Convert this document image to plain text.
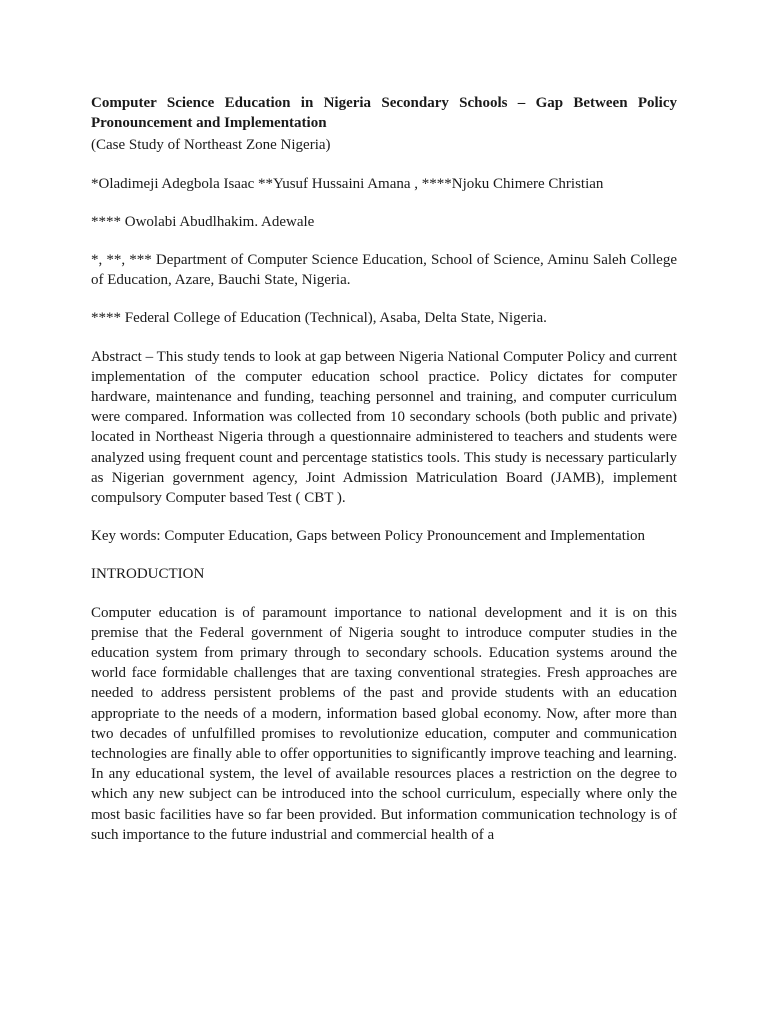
Computer Science Education in Nigeria Secondary Schools – Gap Between Policy Pronouncement and Implementation

(Case Study of Northeast Zone Nigeria)

*Oladimeji Adegbola Isaac **Yusuf Hussaini Amana , ****Njoku Chimere Christian

**** Owolabi Abudlhakim. Adewale

*, **, *** Department of Computer Science Education, School of Science, Aminu Saleh College of Education, Azare, Bauchi State, Nigeria.

**** Federal College of Education (Technical), Asaba, Delta State, Nigeria.

Abstract – This study tends to look at gap between Nigeria National Computer Policy and current implementation of the computer education school practice. Policy dictates for computer hardware, maintenance and funding, teaching personnel and training, and computer curriculum were compared. Information was collected from 10 secondary schools (both public and private) located in Northeast Nigeria through a questionnaire administered to teachers and students were analyzed using frequent count and percentage statistics tools. This study is necessary particularly as Nigerian government agency, Joint Admission Matriculation Board (JAMB), implement compulsory Computer based Test ( CBT ).

Key words: Computer Education, Gaps between Policy Pronouncement and Implementation

INTRODUCTION

Computer education is of paramount importance to national development and it is on this premise that the Federal government of Nigeria sought to introduce computer studies in the education system from primary through to secondary schools. Education systems around the world face formidable challenges that are taxing conventional strategies. Fresh approaches are needed to address persistent problems of the past and provide students with an education appropriate to the needs of a modern, information based global economy. Now, after more than two decades of unfulfilled promises to revolutionize education, computer and communication technologies are finally able to offer opportunities to significantly improve teaching and learning. In any educational system, the level of available resources places a restriction on the degree to which any new subject can be introduced into the school curriculum, especially where only the most basic facilities have so far been provided. But information communication technology is of such importance to the future industrial and commercial health of a
